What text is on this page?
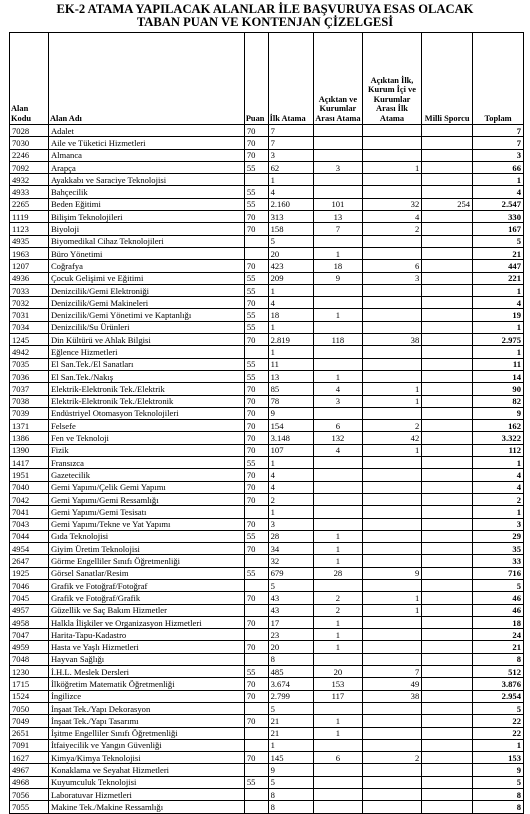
EK-2 ATAMA YAPILACAK ALANLAR İLE BAŞVURUYA ESAS OLACAK
TABAN PUAN VE KONTENJAN ÇİZELGESİ
Alan Kodu	Alan Adı	Puan	İlk Atama	Açıktan ve Kurumlar Arası Atama	Açıktan İlk, Kurum İçi ve Kurumlar Arası İlk Atama	Milli Sporcu	Toplam
7028	Adalet	70	7				7
7030	Aile ve Tüketici Hizmetleri	70	7				7
2246	Almanca	70	3				3
7092	Arapça	55	62	3	1		66
4932	Ayakkabı ve Saraciye Teknolojisi		1				1
4933	Bahçecilik	55	4				4
2265	Beden Eğitimi	55	2.160	101	32	254	2.547
1119	Bilişim Teknolojileri	70	313	13	4		330
1123	Biyoloji	70	158	7	2		167
4935	Biyomedikal Cihaz Teknolojileri		5				5
1963	Büro Yönetimi		20	1			21
1207	Coğrafya	70	423	18	6		447
4936	Çocuk Gelişimi ve Eğitimi	55	209	9	3		221
7033	Denizcilik/Gemi Elektroniği	55	1				1
7032	Denizcilik/Gemi Makineleri	70	4				4
7031	Denizcilik/Gemi Yönetimi ve Kaptanlığı	55	18	1			19
7034	Denizcilik/Su Ürünleri	55	1				1
1245	Din Kültürü ve Ahlak Bilgisi	70	2.819	118	38		2.975
4942	Eğlence Hizmetleri		1				1
7035	El San.Tek./El Sanatları	55	11				11
7036	El San.Tek./Nakış	55	13	1			14
7037	Elektrik-Elektronik Tek./Elektrik	70	85	4	1		90
7038	Elektrik-Elektronik Tek./Elektronik	70	78	3	1		82
7039	Endüstriyel Otomasyon Teknolojileri	70	9				9
1371	Felsefe	70	154	6	2		162
1386	Fen ve Teknoloji	70	3.148	132	42		3.322
1390	Fizik	70	107	4	1		112
1417	Fransızca	55	1				1
1951	Gazetecilik	70	4				4
7040	Gemi Yapımı/Çelik Gemi Yapımı	70	4				4
7042	Gemi Yapımı/Gemi Ressamlığı	70	2				2
7041	Gemi Yapımı/Gemi Tesisatı		1				1
7043	Gemi Yapımı/Tekne ve Yat Yapımı	70	3				3
7044	Gıda Teknolojisi	55	28	1			29
4954	Giyim Üretim Teknolojisi	70	34	1			35
2647	Görme Engelliler Sınıfı Öğretmenliği		32	1			33
1925	Görsel Sanatlar/Resim	55	679	28	9		716
7046	Grafik ve Fotoğraf/Fotoğraf		5				5
7045	Grafik ve Fotoğraf/Grafik	70	43	2	1		46
4957	Güzellik ve Saç Bakım Hizmetler		43	2	1		46
4958	Halkla İlişkiler ve Organizasyon Hizmetleri	70	17	1			18
7047	Harita-Tapu-Kadastro		23	1			24
4959	Hasta ve Yaşlı Hizmetleri	70	20	1			21
7048	Hayvan Sağlığı		8				8
1230	İ.H.L. Meslek Dersleri	55	485	20	7		512
1715	İlköğretim Matematik Öğretmenliği	70	3.674	153	49		3.876
1524	İngilizce	70	2.799	117	38		2.954
7050	İnşaat Tek./Yapı Dekorasyon		5				5
7049	İnşaat Tek./Yapı Tasarımı	70	21	1			22
2651	İşitme Engelliler Sınıfı Öğretmenliği		21	1			22
7091	İtfaiyecilik ve Yangın Güvenliği		1				1
1627	Kimya/Kimya Teknolojisi	70	145	6	2		153
4967	Konaklama ve Seyahat Hizmetleri		9				9
4968	Kuyumculuk Teknolojisi	55	5				5
7056	Laboratuvar Hizmetleri		8				8
7055	Makine Tek./Makine Ressamlığı		8				8
